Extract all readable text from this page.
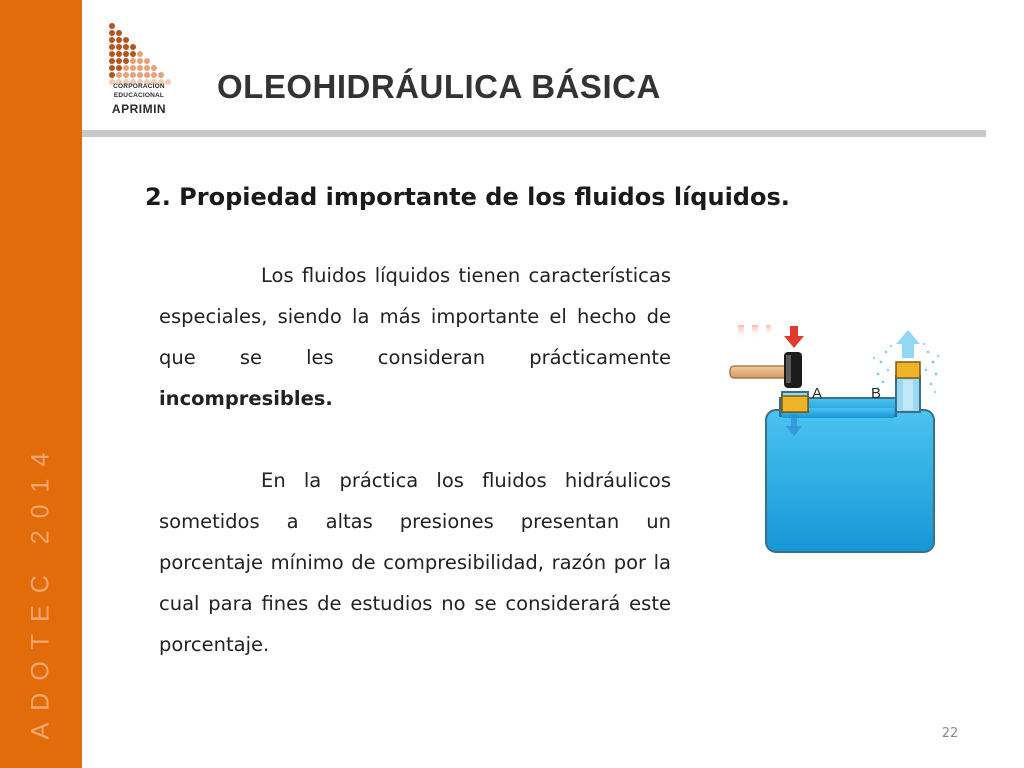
ADOTEC 2014
CORPORACION
EDUCACIONAL
APRIMIN
OLEOHIDRÁULICA BÁSICA
2. Propiedad importante de los fluidos líquidos.

Los fluidos líquidos tienen características especiales, siendo la más importante el hecho de que se les consideran prácticamente incompresibles.

En la práctica los fluidos hidráulicos sometidos a altas presiones presentan un porcentaje mínimo de compresibilidad, razón por la cual para fines de estudios no se considerará este porcentaje.

A	B
22
